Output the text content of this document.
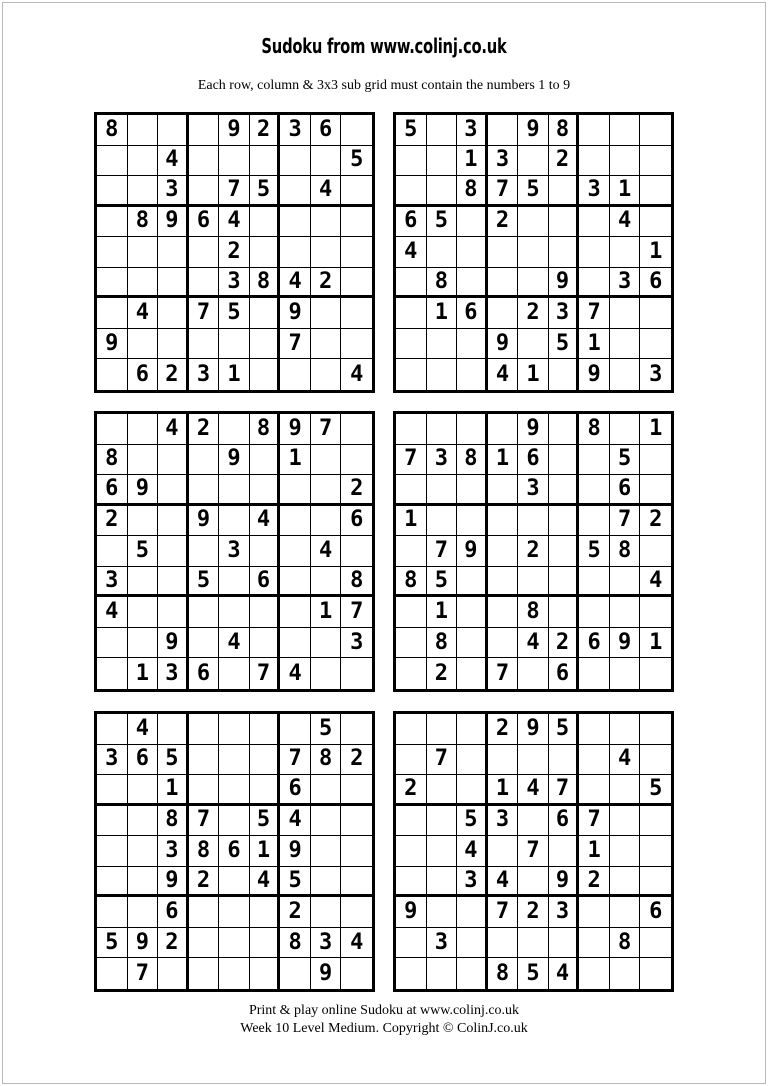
Sudoku from www.colinj.co.uk
Each row, column & 3x3 sub grid must contain the numbers 1 to 9
8	9 2 3 6
4	5
3	7 5	4
8 9 6 4
2
3 8 4 2
4	7 5	9
9	7
6 2 3 1	4
5	3	9 8
1 3	2
8 7 5	3 1
6 5	2	4
4	1
8	9	3 6
1 6	2 3 7
9	5 1
4 1	9	3
4 2	8 9 7
8	9	1
6 9	2
2	9	4	6
5	3	4
3	5	6	8
4	1 7
9	4	3
1 3 6	7 4
9	8	1
7 3 8 1 6	5
3	6
1	7 2
7 9	2	5 8
8 5	4
1	8
8	4 2 6 9 1
2	7	6
4	5
3 6 5	7 8 2
1	6
8 7	5 4
3 8 6 1 9
9 2	4 5
6	2
5 9 2	8 3 4
7	9
2 9 5
7	4
2	1 4 7	5
5 3	6 7
4	7	1
3 4	9 2
9	7 2 3	6
3	8
8 5 4
Print & play online Sudoku at www.colinj.co.uk
Week 10 Level Medium. Copyright © ColinJ.co.uk
